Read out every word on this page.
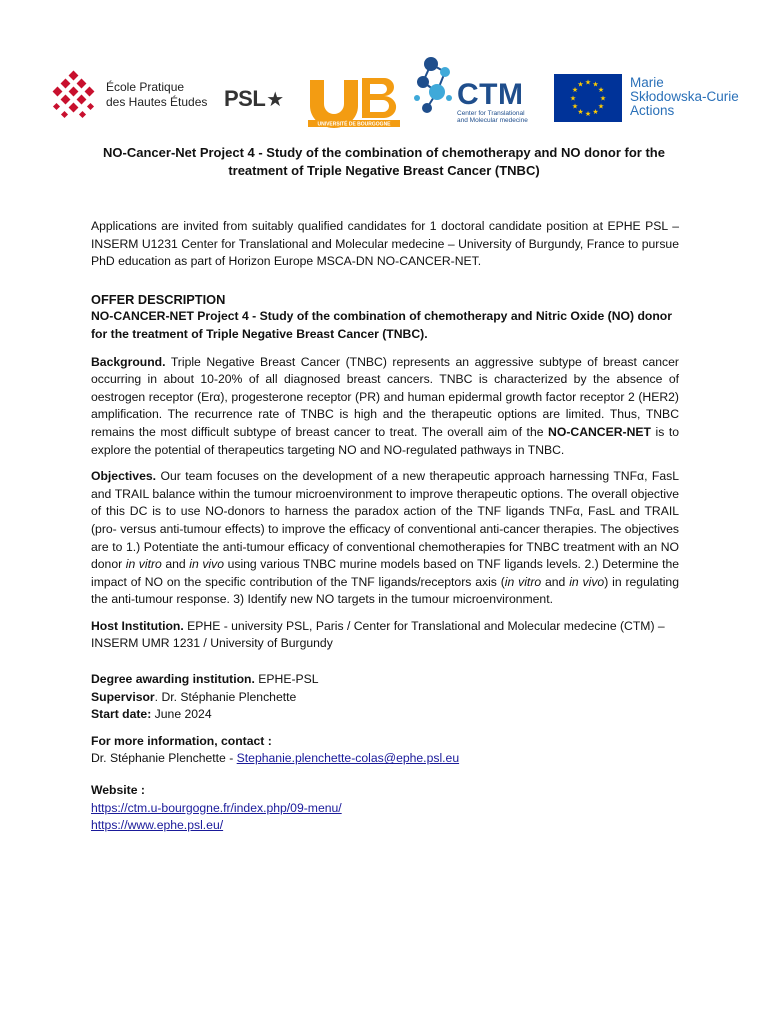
École Pratique
des Hautes Études PSL★
UNIVERSITÉ DE BOURGOGNE
CTM
Center for Translational
and Molecular medecine
★ ★
★
★
★
★
★
★
★
★
★
★	Marie
Skłodowska-Curie
Actions
NO-Cancer-Net Project 4 - Study of the combination of chemotherapy and NO donor for the treatment of Triple Negative Breast Cancer (TNBC)

Applications are invited from suitably qualified candidates for 1 doctoral candidate position at EPHE PSL – INSERM U1231 Center for Translational and Molecular medecine – University of Burgundy, France to pursue PhD education as part of Horizon Europe MSCA-DN NO-CANCER-NET.

OFFER DESCRIPTION

NO-CANCER-NET Project 4 - Study of the combination of chemotherapy and Nitric Oxide (NO) donor for the treatment of Triple Negative Breast Cancer (TNBC).

Background. Triple Negative Breast Cancer (TNBC) represents an aggressive subtype of breast cancer occurring in about 10-20% of all diagnosed breast cancers. TNBC is characterized by the absence of oestrogen receptor (Erα), progesterone receptor (PR) and human epidermal growth factor receptor 2 (HER2) amplification. The recurrence rate of TNBC is high and the therapeutic options are limited. Thus, TNBC remains the most difficult subtype of breast cancer to treat. The overall aim of the NO-CANCER-NET is to explore the potential of therapeutics targeting NO and NO-regulated pathways in TNBC.

Objectives. Our team focuses on the development of a new therapeutic approach harnessing TNFα, FasL and TRAIL balance within the tumour microenvironment to improve therapeutic options. The overall objective of this DC is to use NO-donors to harness the paradox action of the TNF ligands TNFα, FasL and TRAIL (pro- versus anti-tumour effects) to improve the efficacy of conventional anti-cancer therapies. The objectives are to 1.) Potentiate the anti-tumour efficacy of conventional chemotherapies for TNBC treatment with an NO donor in vitro and in vivo using various TNBC murine models based on TNF ligands levels. 2.) Determine the impact of NO on the specific contribution of the TNF ligands/receptors axis (in vitro and in vivo) in regulating the anti-tumour response. 3) Identify new NO targets in the tumour microenvironment.

Host Institution. EPHE - university PSL, Paris / Center for Translational and Molecular medecine (CTM) – INSERM UMR 1231 / University of Burgundy

Degree awarding institution. EPHE-PSL

Supervisor. Dr. Stéphanie Plenchette

Start date: June 2024

For more information, contact :

Dr. Stéphanie Plenchette - Stephanie.plenchette-colas@ephe.psl.eu

Website :

https://ctm.u-bourgogne.fr/index.php/09-menu/

https://www.ephe.psl.eu/
